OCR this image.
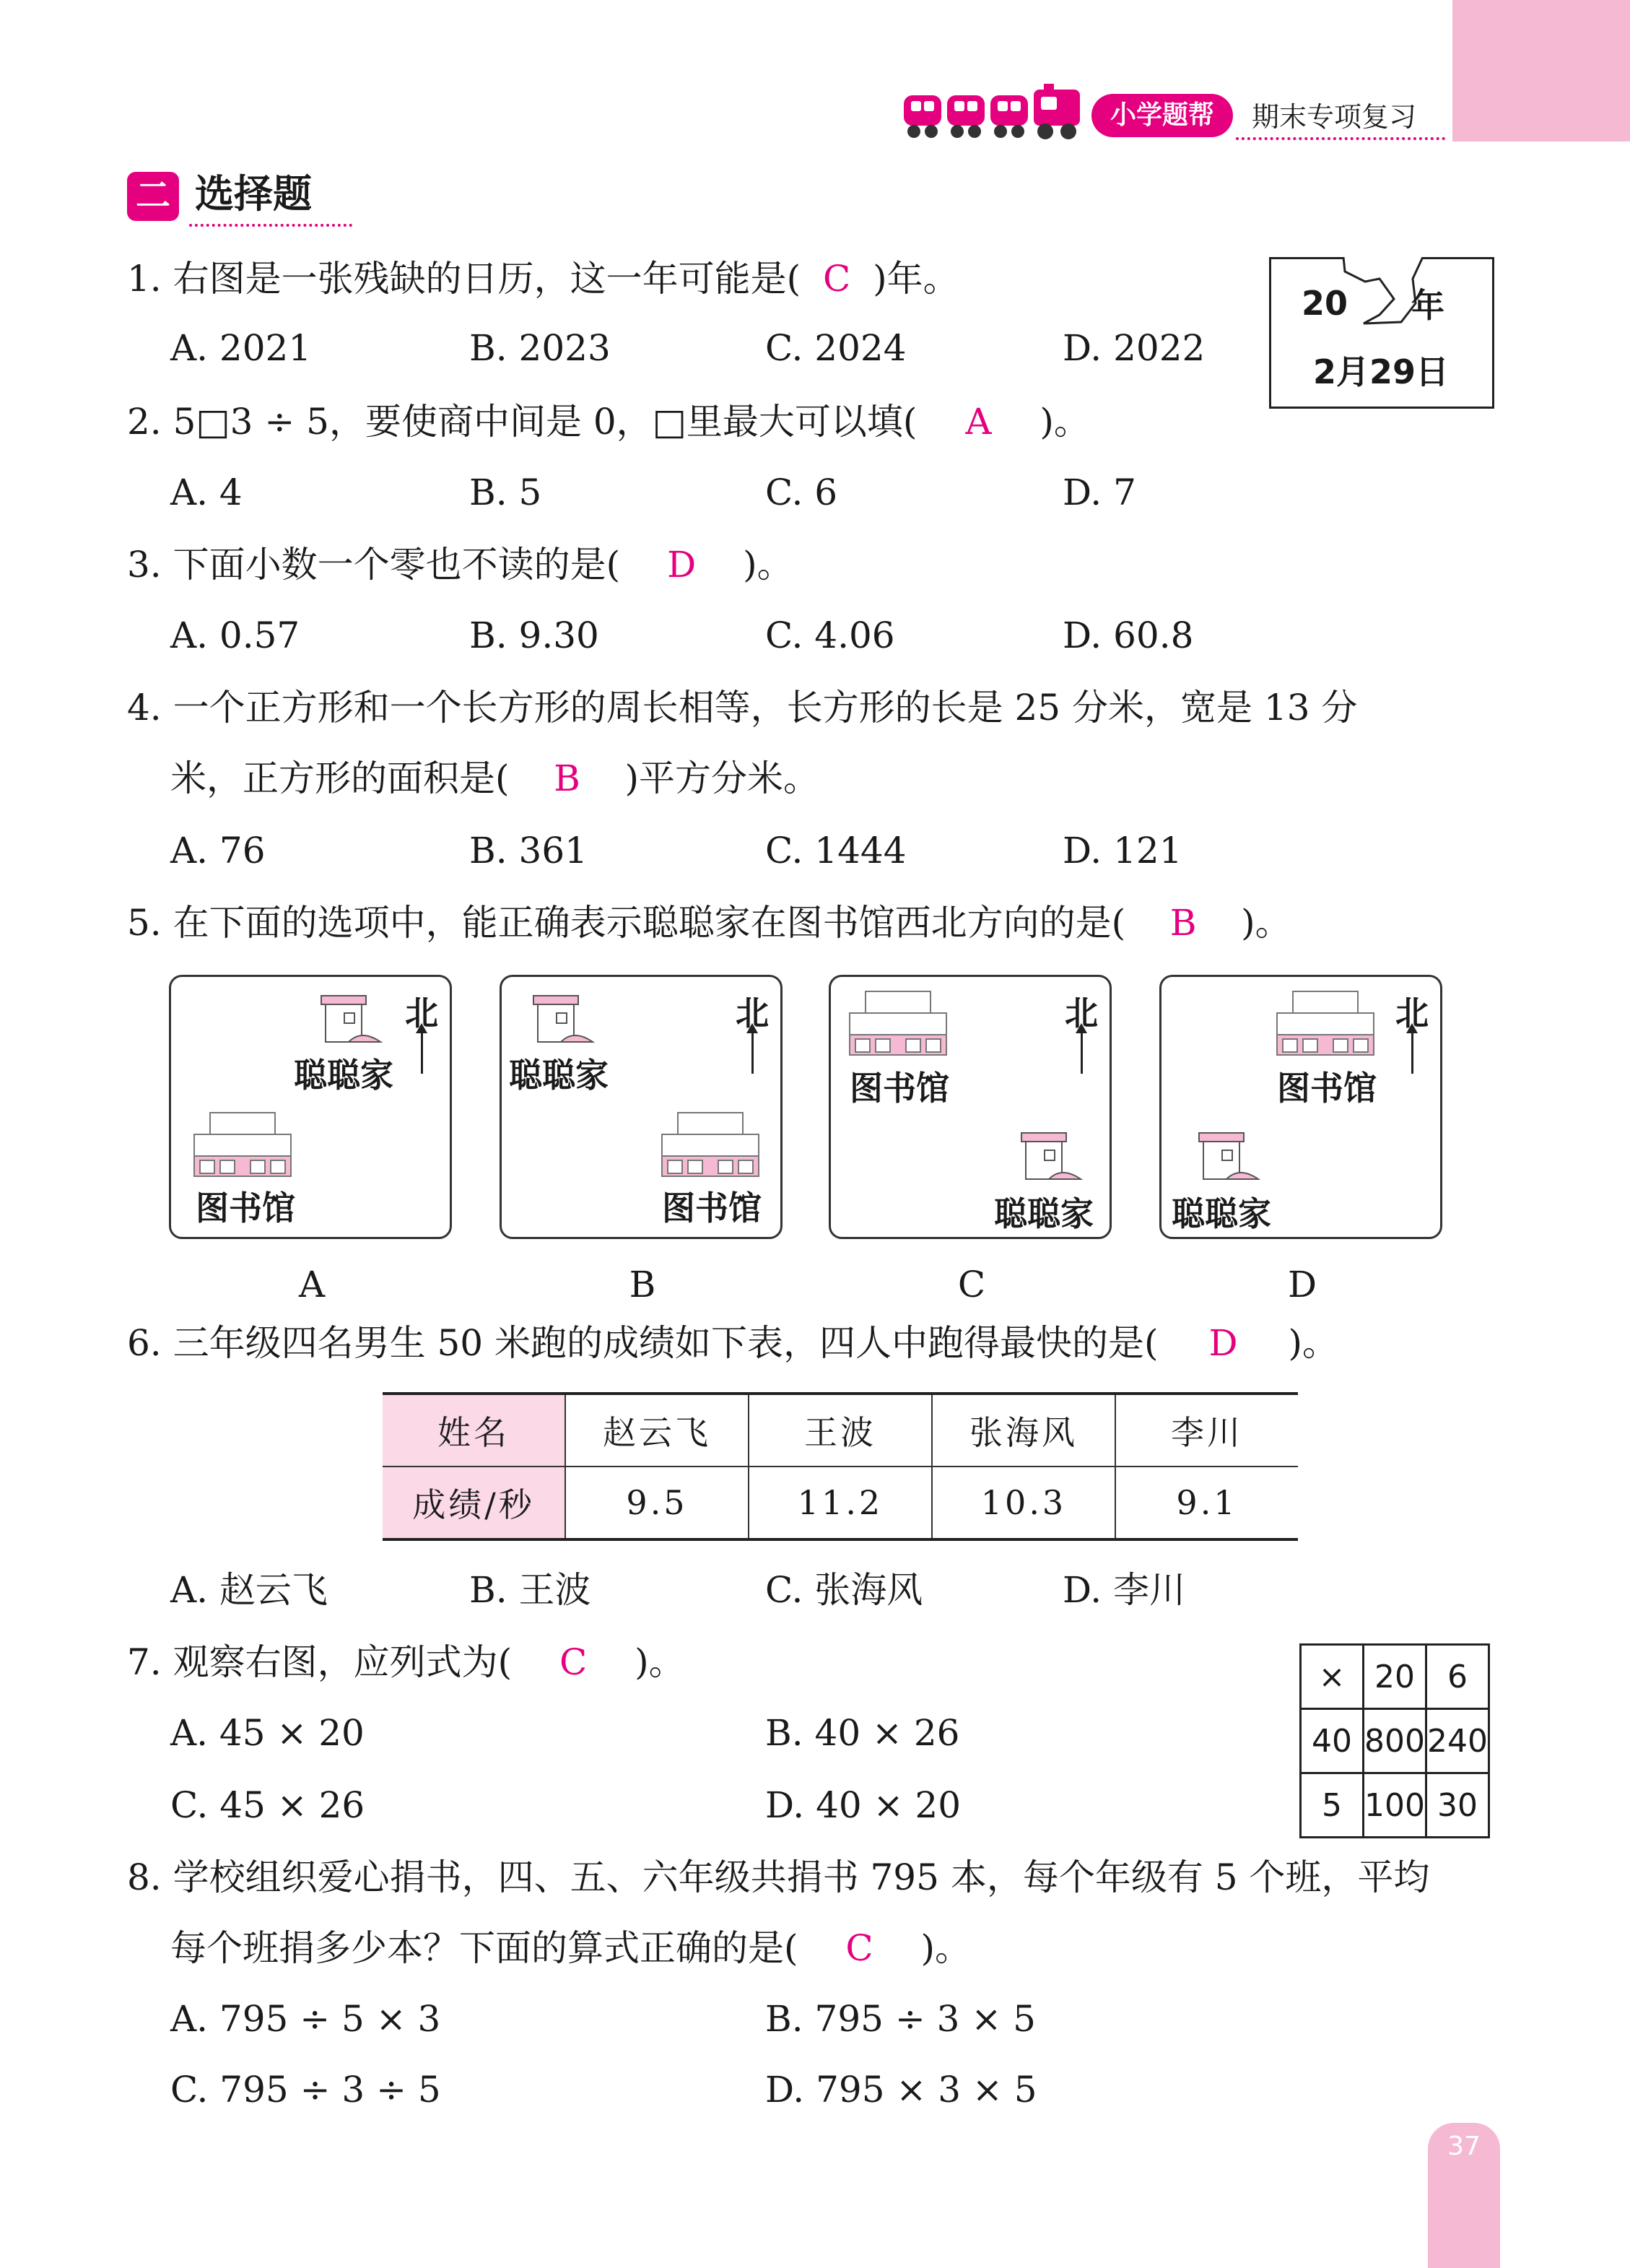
小学题帮	期末专项复习
二 选择题
1. 右图是一张残缺的日历，这一年可能是( C )年。
A. 2021	B. 2023	C. 2024	D. 2022
20 年
2月29日
2. 5□3 ÷ 5，要使商中间是 0，□里最大可以填( A )。
A. 4	B. 5	C. 6	D. 7
3. 下面小数一个零也不读的是( D )。
A. 0.57	B. 9.30	C. 4.06	D. 60.8
4. 一个正方形和一个长方形的周长相等，长方形的长是 25 分米，宽是 13 分
米，正方形的面积是( B )平方分米。
A. 76	B. 361	C. 1444	D. 121
5. 在下面的选项中，能正确表示聪聪家在图书馆西北方向的是( B )。
北
聪聪家
图书馆
北
聪聪家
图书馆
北
图书馆
聪聪家
北
图书馆
聪聪家
A	B	C	D
6. 三年级四名男生 50 米跑的成绩如下表，四人中跑得最快的是( D )。
姓名	赵云飞	王波	张海风	李川
成绩/秒	9.5	11.2	10.3	9.1
A. 赵云飞	B. 王波	C. 张海风	D. 李川
7. 观察右图，应列式为( C )。
A. 45 × 20	B. 40 × 26
C. 45 × 26	D. 40 × 20
×	20	6
40	800	240
5	100	30
8. 学校组织爱心捐书，四、五、六年级共捐书 795 本，每个年级有 5 个班，平均
每个班捐多少本？下面的算式正确的是( C )。
A. 795 ÷ 5 × 3	B. 795 ÷ 3 × 5
C. 795 ÷ 3 ÷ 5	D. 795 × 3 × 5
37
